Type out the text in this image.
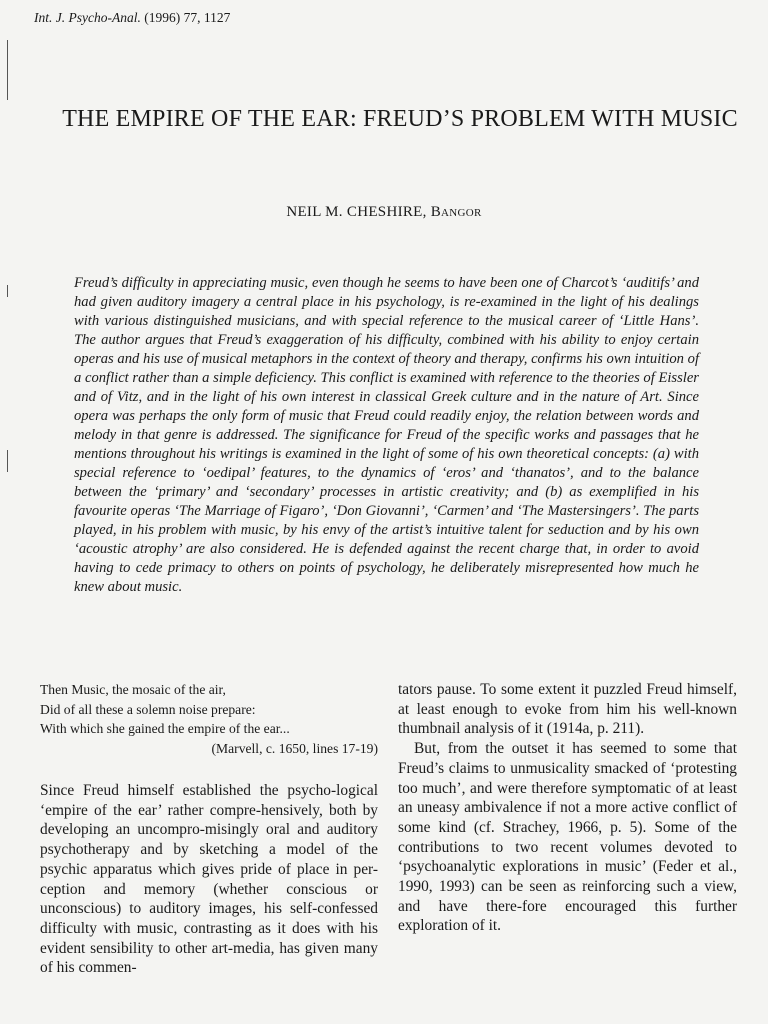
Int. J. Psycho-Anal. (1996) 77, 1127
THE EMPIRE OF THE EAR: FREUD’S PROBLEM WITH MUSIC
NEIL M. CHESHIRE, Bangor

Freud’s difficulty in appreciating music, even though he seems to have been one of Charcot’s ‘auditifs’ and had given auditory imagery a central place in his psychology, is re-examined in the light of his dealings with various distinguished musicians, and with special reference to the musical career of ‘Little Hans’. The author argues that Freud’s exaggeration of his difficulty, combined with his ability to enjoy certain operas and his use of musical metaphors in the context of theory and therapy, confirms his own intuition of a conflict rather than a simple deficiency. This conflict is examined with reference to the theories of Eissler and of Vitz, and in the light of his own interest in classical Greek culture and in the nature of Art. Since opera was perhaps the only form of music that Freud could readily enjoy, the relation between words and melody in that genre is addressed. The significance for Freud of the specific works and passages that he mentions throughout his writings is examined in the light of some of his own theoretical concepts: (a) with special reference to ‘oedipal’ features, to the dynamics of ‘eros’ and ‘thanatos’, and to the balance between the ‘primary’ and ‘secondary’ processes in artistic creativity; and (b) as exemplified in his favourite operas ‘The Marriage of Figaro’, ‘Don Giovanni’, ‘Carmen’ and ‘The Mastersingers’. The parts played, in his problem with music, by his envy of the artist’s intuitive talent for seduction and by his own ‘acoustic atrophy’ are also considered. He is defended against the recent charge that, in order to avoid having to cede primacy to others on points of psychology, he deliberately misrepresented how much he knew about music.

Then Music, the mosaic of the air,
Did of all these a solemn noise prepare:
With which she gained the empire of the ear...
(Marvell, c. 1650, lines 17-19)

Since Freud himself established the psycho-logical ‘empire of the ear’ rather compre-hensively, both by developing an uncompro-misingly oral and auditory psychotherapy and by sketching a model of the psychic apparatus which gives pride of place in per-ception and memory (whether conscious or unconscious) to auditory images, his self-confessed difficulty with music, contrasting as it does with his evident sensibility to other art-media, has given many of his commen-

tators pause. To some extent it puzzled Freud himself, at least enough to evoke from him his well-known thumbnail analysis of it (1914a, p. 211).

But, from the outset it has seemed to some that Freud’s claims to unmusicality smacked of ‘protesting too much’, and were therefore symptomatic of at least an uneasy ambivalence if not a more active conflict of some kind (cf. Strachey, 1966, p. 5). Some of the contributions to two recent volumes devoted to ‘psychoanalytic explorations in music’ (Feder et al., 1990, 1993) can be seen as reinforcing such a view, and have there-fore encouraged this further exploration of it.
